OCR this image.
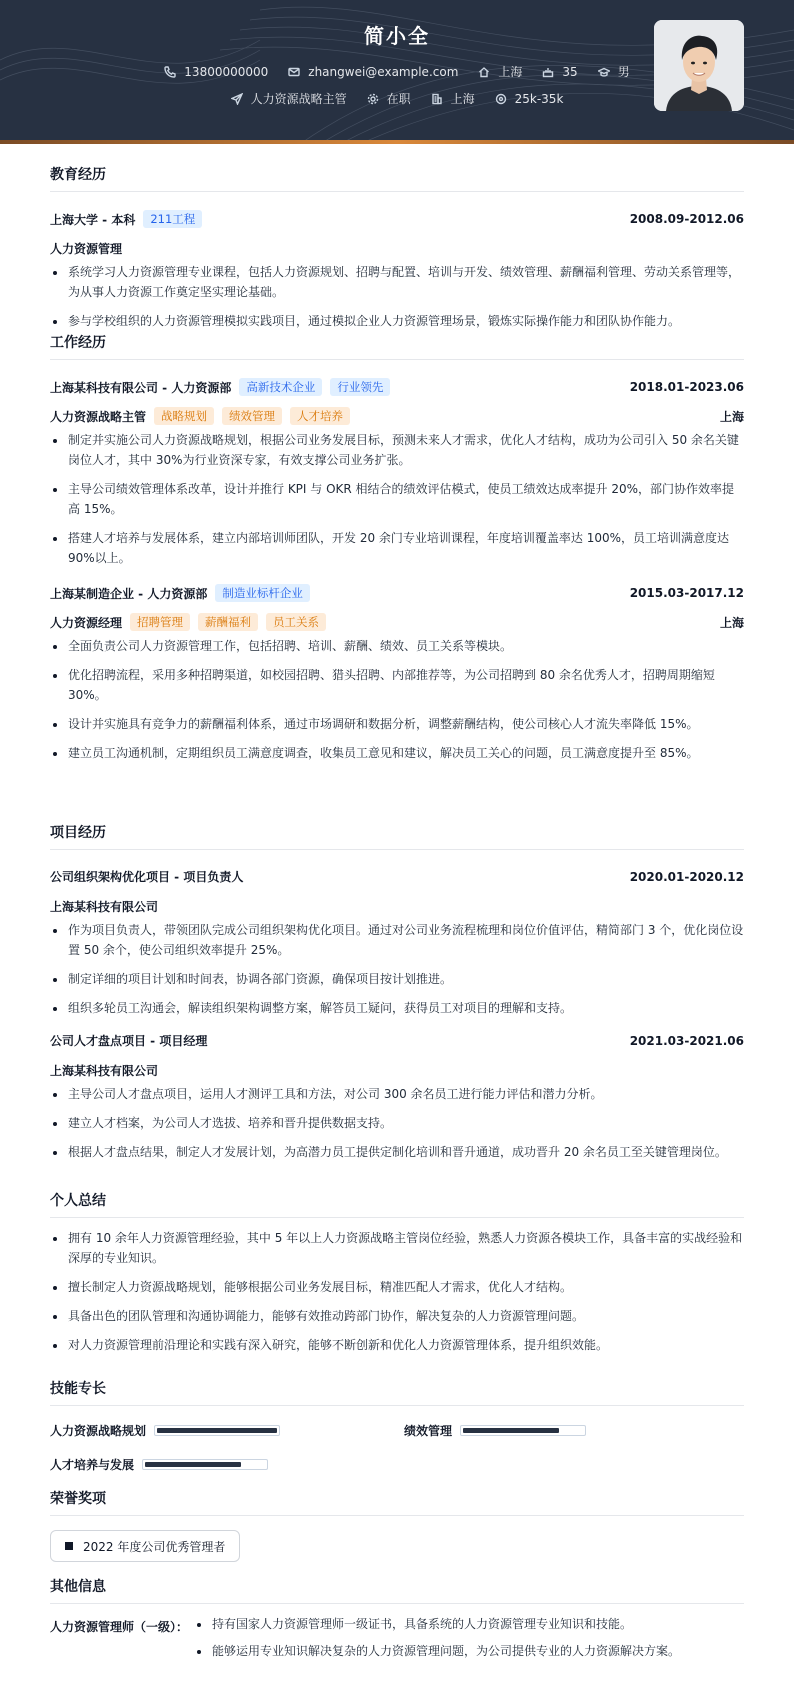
简小全
13800000000	zhangwei@example.com	上海	35	男
人力资源战略主管	在职	上海	25k-35k
教育经历
上海大学 - 本科	211工程	2008.09-2012.06
人力资源管理
系统学习人力资源管理专业课程，包括人力资源规划、招聘与配置、培训与开发、绩效管理、薪酬福利管理、劳动关系管理等，为从事人力资源工作奠定坚实理论基础。
参与学校组织的人力资源管理模拟实践项目，通过模拟企业人力资源管理场景，锻炼实际操作能力和团队协作能力。
工作经历
上海某科技有限公司 - 人力资源部	高新技术企业	行业领先	2018.01-2023.06
人力资源战略主管	战略规划	绩效管理	人才培养	上海
制定并实施公司人力资源战略规划，根据公司业务发展目标，预测未来人才需求，优化人才结构，成功为公司引入 50 余名关键岗位人才，其中 30%为行业资深专家，有效支撑公司业务扩张。
主导公司绩效管理体系改革，设计并推行 KPI 与 OKR 相结合的绩效评估模式，使员工绩效达成率提升 20%，部门协作效率提高 15%。
搭建人才培养与发展体系，建立内部培训师团队，开发 20 余门专业培训课程，年度培训覆盖率达 100%，员工培训满意度达 90%以上。
上海某制造企业 - 人力资源部	制造业标杆企业	2015.03-2017.12
人力资源经理	招聘管理	薪酬福利	员工关系	上海
全面负责公司人力资源管理工作，包括招聘、培训、薪酬、绩效、员工关系等模块。
优化招聘流程，采用多种招聘渠道，如校园招聘、猎头招聘、内部推荐等，为公司招聘到 80 余名优秀人才，招聘周期缩短 30%。
设计并实施具有竞争力的薪酬福利体系，通过市场调研和数据分析，调整薪酬结构，使公司核心人才流失率降低 15%。
建立员工沟通机制，定期组织员工满意度调查，收集员工意见和建议，解决员工关心的问题，员工满意度提升至 85%。
项目经历
公司组织架构优化项目 - 项目负责人	2020.01-2020.12
上海某科技有限公司
作为项目负责人，带领团队完成公司组织架构优化项目。通过对公司业务流程梳理和岗位价值评估，精简部门 3 个，优化岗位设置 50 余个，使公司组织效率提升 25%。
制定详细的项目计划和时间表，协调各部门资源，确保项目按计划推进。
组织多轮员工沟通会，解读组织架构调整方案，解答员工疑问，获得员工对项目的理解和支持。
公司人才盘点项目 - 项目经理	2021.03-2021.06
上海某科技有限公司
主导公司人才盘点项目，运用人才测评工具和方法，对公司 300 余名员工进行能力评估和潜力分析。
建立人才档案，为公司人才选拔、培养和晋升提供数据支持。
根据人才盘点结果，制定人才发展计划，为高潜力员工提供定制化培训和晋升通道，成功晋升 20 余名员工至关键管理岗位。
个人总结
拥有 10 余年人力资源管理经验，其中 5 年以上人力资源战略主管岗位经验，熟悉人力资源各模块工作，具备丰富的实战经验和深厚的专业知识。
擅长制定人力资源战略规划，能够根据公司业务发展目标，精准匹配人才需求，优化人才结构。
具备出色的团队管理和沟通协调能力，能够有效推动跨部门协作，解决复杂的人力资源管理问题。
对人力资源管理前沿理论和实践有深入研究，能够不断创新和优化人力资源管理体系，提升组织效能。
技能专长
人力资源战略规划	绩效管理
人才培养与发展
荣誉奖项
2022 年度公司优秀管理者
其他信息
人力资源管理师（一级）：	持有国家人力资源管理师一级证书，具备系统的人力资源管理专业知识和技能。
能够运用专业知识解决复杂的人力资源管理问题，为公司提供专业的人力资源解决方案。
